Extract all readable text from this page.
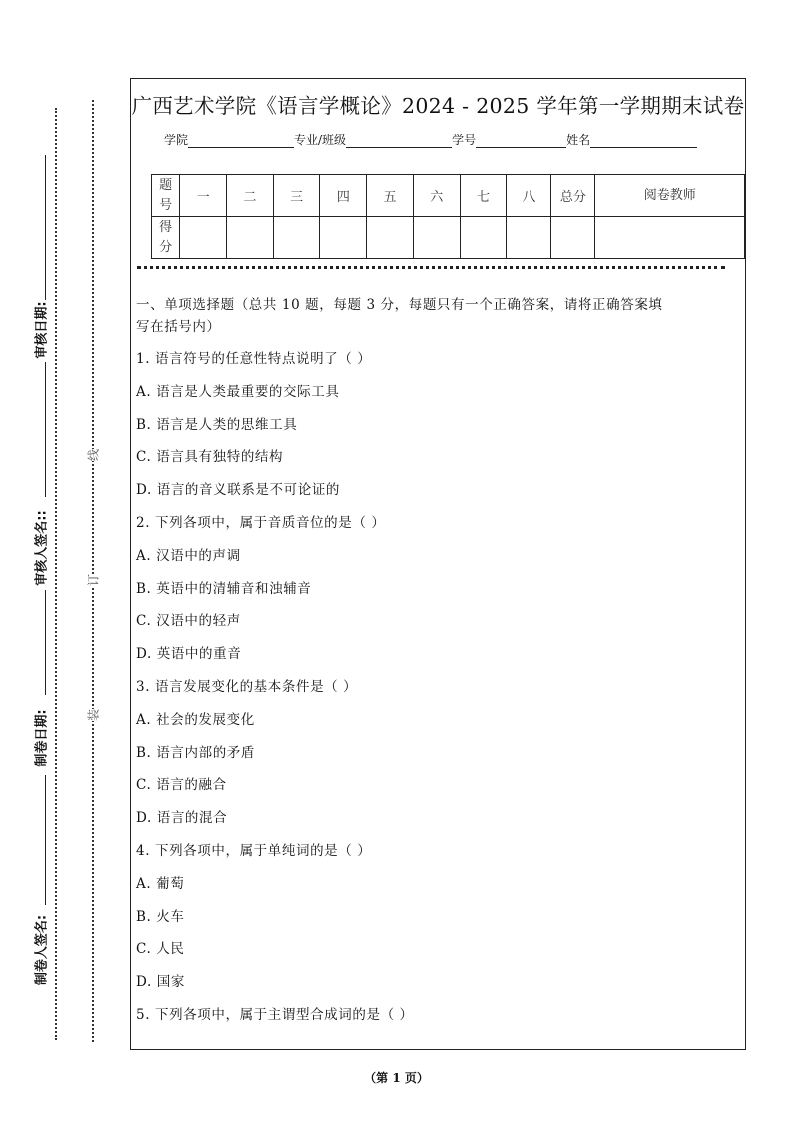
审核日期:
审核人签名::
制卷日期:
制卷人签名:
线
订
装
广西艺术学院《语言学概论》2024 - 2025 学年第一学期期末试卷
学院	专业/班级	学号	姓名
题号	一	二	三	四	五	六	七	八	总分	阅卷教师
得分										
一、单项选择题（总共 10 题，每题 3 分，每题只有一个正确答案，请将正确答案填
写在括号内）
1. 语言符号的任意性特点说明了（ ）
A. 语言是人类最重要的交际工具
B. 语言是人类的思维工具
C. 语言具有独特的结构
D. 语言的音义联系是不可论证的
2. 下列各项中，属于音质音位的是（ ）
A. 汉语中的声调
B. 英语中的清辅音和浊辅音
C. 汉语中的轻声
D. 英语中的重音
3. 语言发展变化的基本条件是（ ）
A. 社会的发展变化
B. 语言内部的矛盾
C. 语言的融合
D. 语言的混合
4. 下列各项中，属于单纯词的是（ ）
A. 葡萄
B. 火车
C. 人民
D. 国家
5. 下列各项中，属于主谓型合成词的是（ ）
（第 1 页）
